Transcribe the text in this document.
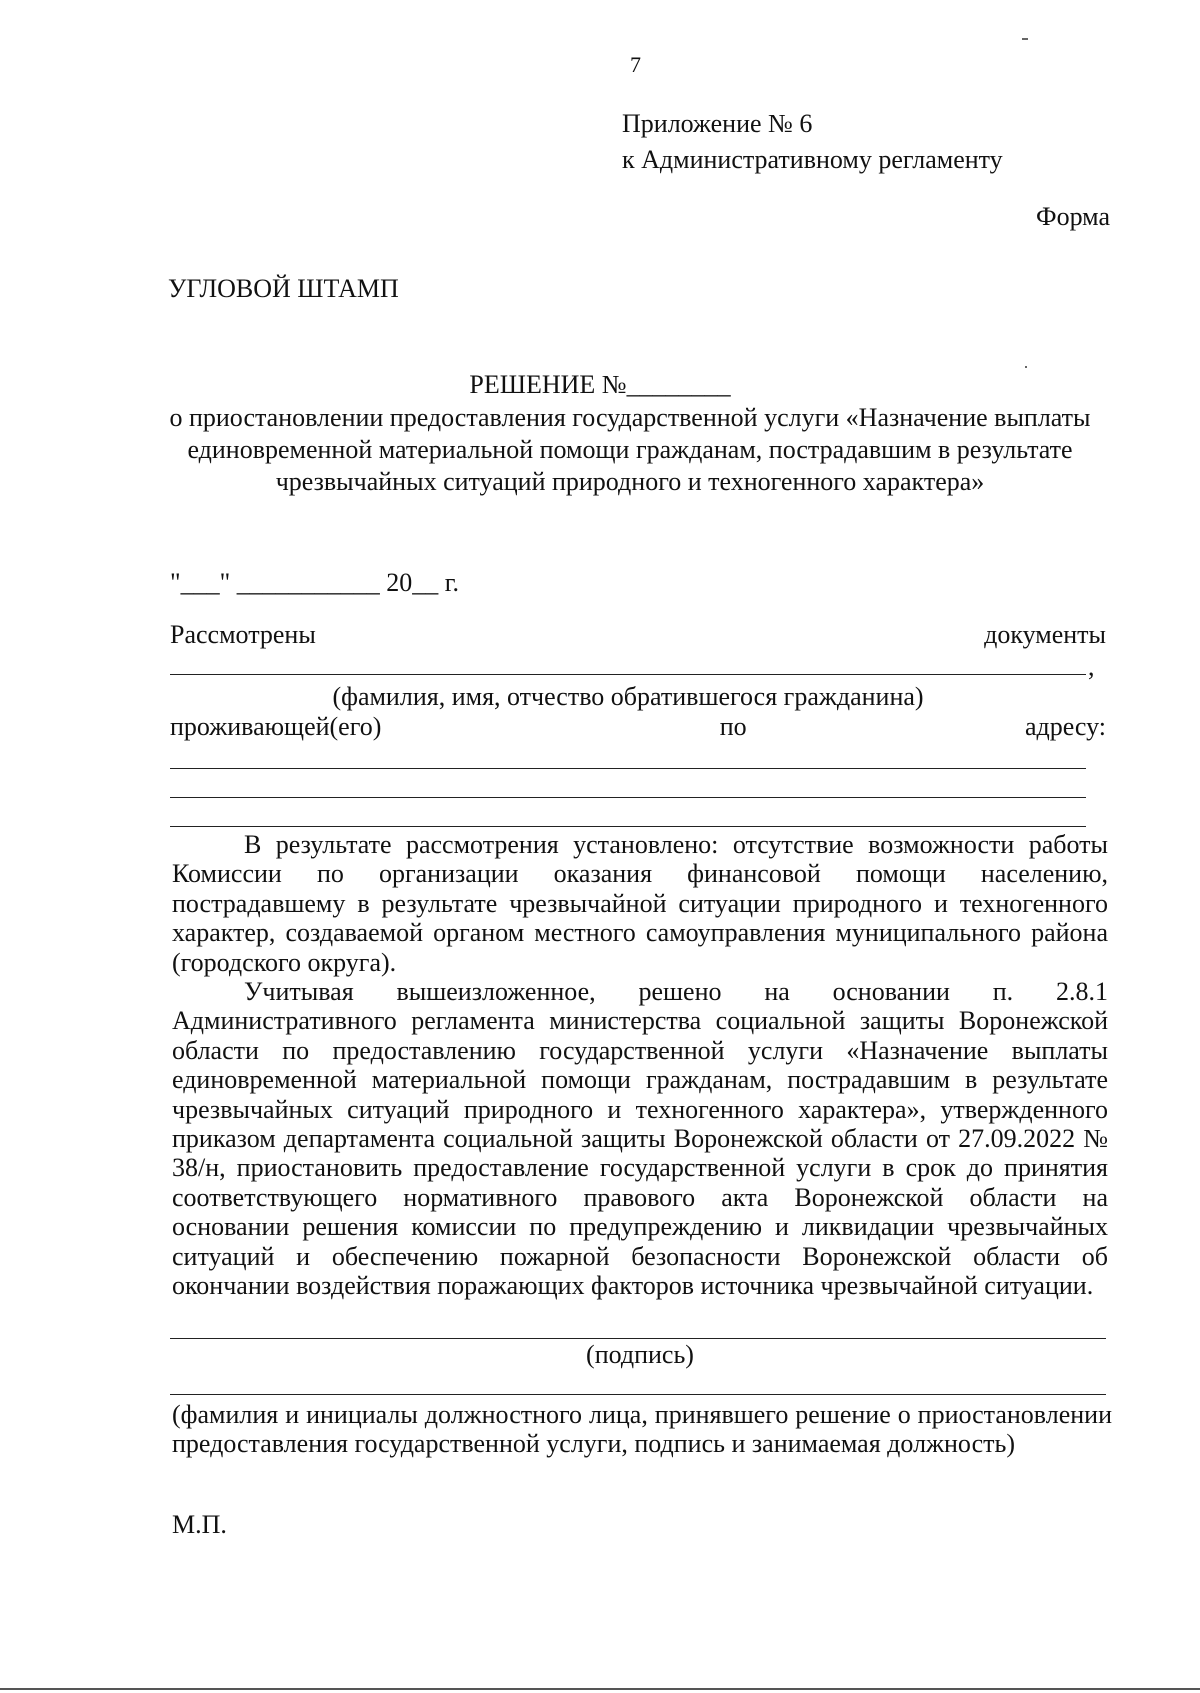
7
Приложение № 6
к Административному регламенту
Форма
УГЛОВОЙ ШТАМП
РЕШЕНИЕ №________
о приостановлении предоставления государственной услуги «Назначение выплаты единовременной материальной помощи гражданам, пострадавшим в результате чрезвычайных ситуаций природного и техногенного характера»
"___" ___________ 20__ г.
Рассмотрены	документы
,
(фамилия, имя, отчество обратившегося гражданина)
проживающей(его)	по	адресу:

В результате рассмотрения установлено: отсутствие возможности работы Комиссии по организации оказания финансовой помощи населению, пострадавшему в результате чрезвычайной ситуации природного и техногенного характер, создаваемой органом местного самоуправления муниципального района (городского округа).

Учитывая вышеизложенное, решено на основании п. 2.8.1 Административного регламента министерства социальной защиты Воронежской области по предоставлению государственной услуги «Назначение выплаты единовременной материальной помощи гражданам, пострадавшим в результате чрезвычайных ситуаций природного и техногенного характера», утвержденного приказом департамента социальной защиты Воронежской области от 27.09.2022 № 38/н, приостановить предоставление государственной услуги в срок до принятия соответствующего нормативного правового акта Воронежской области на основании решения комиссии по предупреждению и ликвидации чрезвычайных ситуаций и обеспечению пожарной безопасности Воронежской области об окончании воздействия поражающих факторов источника чрезвычайной ситуации.

(подпись)
(фамилия и инициалы должностного лица, принявшего решение о приостановлении предоставления государственной услуги, подпись и занимаемая должность)
М.П.
